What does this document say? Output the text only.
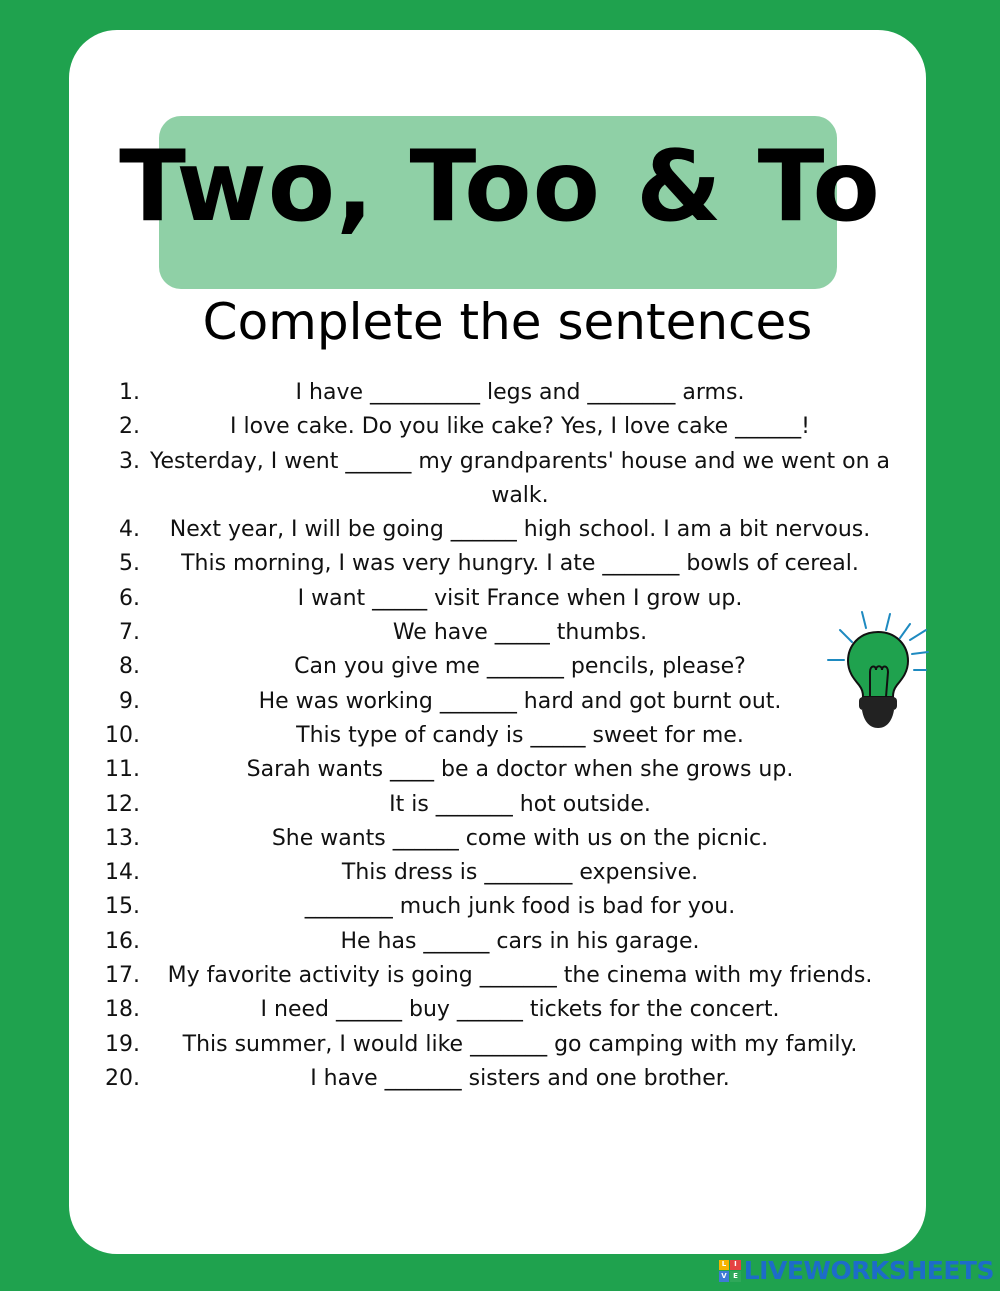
Two, Too & To
Complete the sentences
1.	I have __________ legs and ________ arms.
2.	I love cake. Do you like cake? Yes, I love cake ______!
3. Yesterday, I went ______ my grandparents' house and we went on a walk.
4.	Next year, I will be going ______ high school. I am a bit nervous.
5.	This morning, I was very hungry. I ate _______ bowls of cereal.
6.	I want _____ visit France when I grow up.
7.	We have _____ thumbs.
8.	Can you give me _______ pencils, please?
9.	He was working _______ hard and got burnt out.
10.	This type of candy is _____ sweet for me.
11.	Sarah wants ____ be a doctor when she grows up.
12.	It is _______ hot outside.
13.	She wants ______ come with us on the picnic.
14.	This dress is ________ expensive.
15.	________ much junk food is bad for you.
16.	He has ______ cars in his garage.
17.	My favorite activity is going _______ the cinema with my friends.
18.	I need ______ buy ______ tickets for the concert.
19.	This summer, I would like _______ go camping with my family.
20.	I have _______ sisters and one brother.
L	I
V E LIVEWORKSHEETS
